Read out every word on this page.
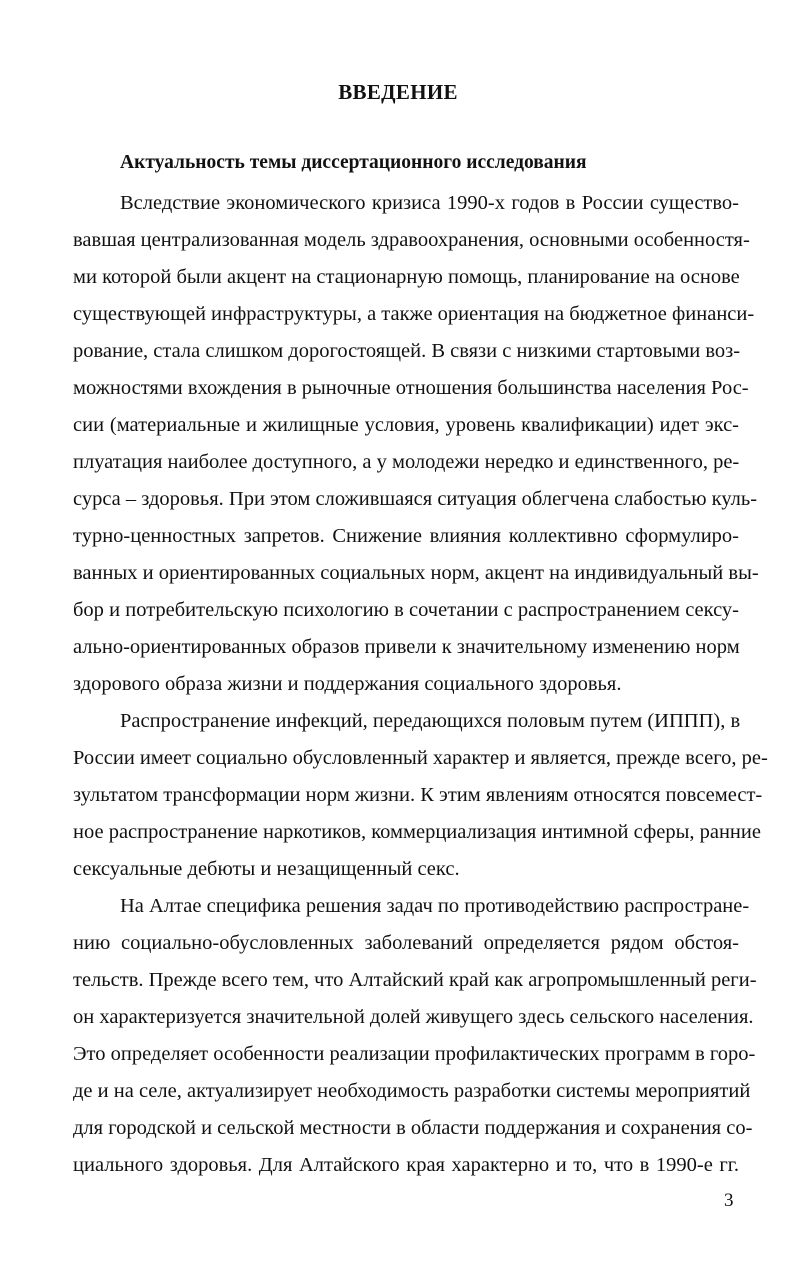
ВВЕДЕНИЕ
Актуальность темы диссертационного исследования
Вследствие экономического кризиса 1990-х годов в России существо-
вавшая централизованная модель здравоохранения, основными особенностя-
ми которой были акцент на стационарную помощь, планирование на основе
существующей инфраструктуры, а также ориентация на бюджетное финанси-
рование, стала слишком дорогостоящей. В связи с низкими стартовыми воз-
можностями вхождения в рыночные отношения большинства населения Рос-
сии (материальные и жилищные условия, уровень квалификации) идет экс-
плуатация наиболее доступного, а у молодежи нередко и единственного, ре-
сурса – здоровья. При этом сложившаяся ситуация облегчена слабостью куль-
турно-ценностных запретов. Снижение влияния коллективно сформулиро-
ванных и ориентированных социальных норм, акцент на индивидуальный вы-
бор и потребительскую психологию в сочетании с распространением сексу-
ально-ориентированных образов привели к значительному изменению норм
здорового образа жизни и поддержания социального здоровья.
Распространение инфекций, передающихся половым путем (ИППП), в
России имеет социально обусловленный характер и является, прежде всего, ре-
зультатом трансформации норм жизни. К этим явлениям относятся повсемест-
ное распространение наркотиков, коммерциализация интимной сферы, ранние
сексуальные дебюты и незащищенный секс.
На Алтае специфика решения задач по противодействию распростране-
нию социально-обусловленных заболеваний определяется рядом обстоя-
тельств. Прежде всего тем, что Алтайский край как агропромышленный реги-
он характеризуется значительной долей живущего здесь сельского населения.
Это определяет особенности реализации профилактических программ в горо-
де и на селе, актуализирует необходимость разработки системы мероприятий
для городской и сельской местности в области поддержания и сохранения со-
циального здоровья. Для Алтайского края характерно и то, что в 1990-е гг.
3
